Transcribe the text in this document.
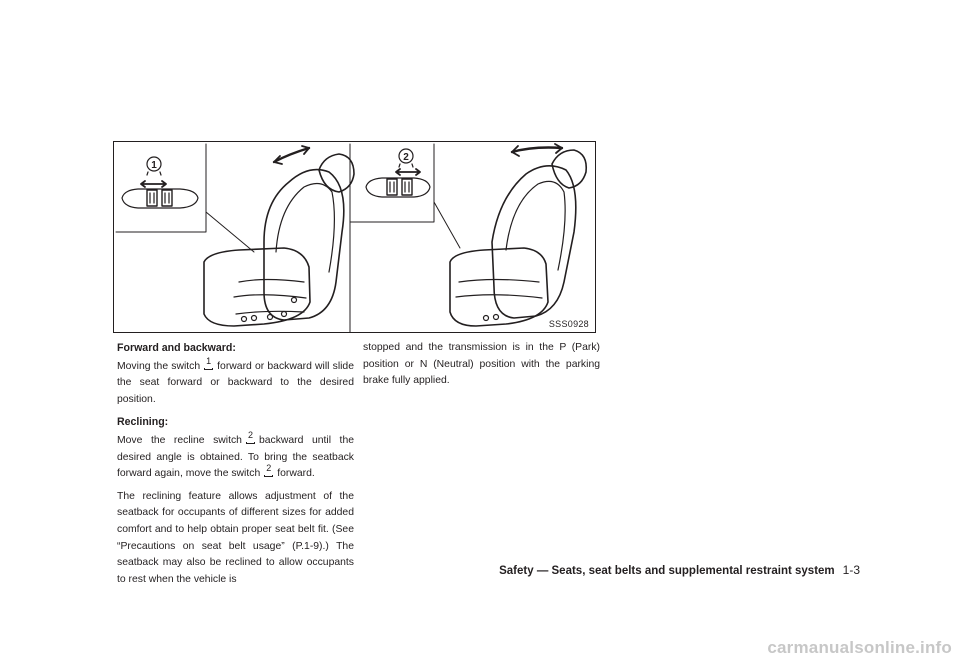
1
2
SSS0928
Forward and backward:

Moving the switch 1 forward or backward will slide the seat forward or backward to the desired position.

Reclining:

Move the recline switch 2 backward until the desired angle is obtained. To bring the seatback forward again, move the switch 2 forward.

The reclining feature allows adjustment of the seatback for occupants of different sizes for added comfort and to help obtain proper seat belt fit. (See “Precautions on seat belt usage” (P.1-9).) The seatback may also be reclined to allow occupants to rest when the vehicle is

stopped and the transmission is in the P (Park) position or N (Neutral) position with the parking brake fully applied.

Safety — Seats, seat belts and supplemental restraint system 1-3
carmanualsonline.info
